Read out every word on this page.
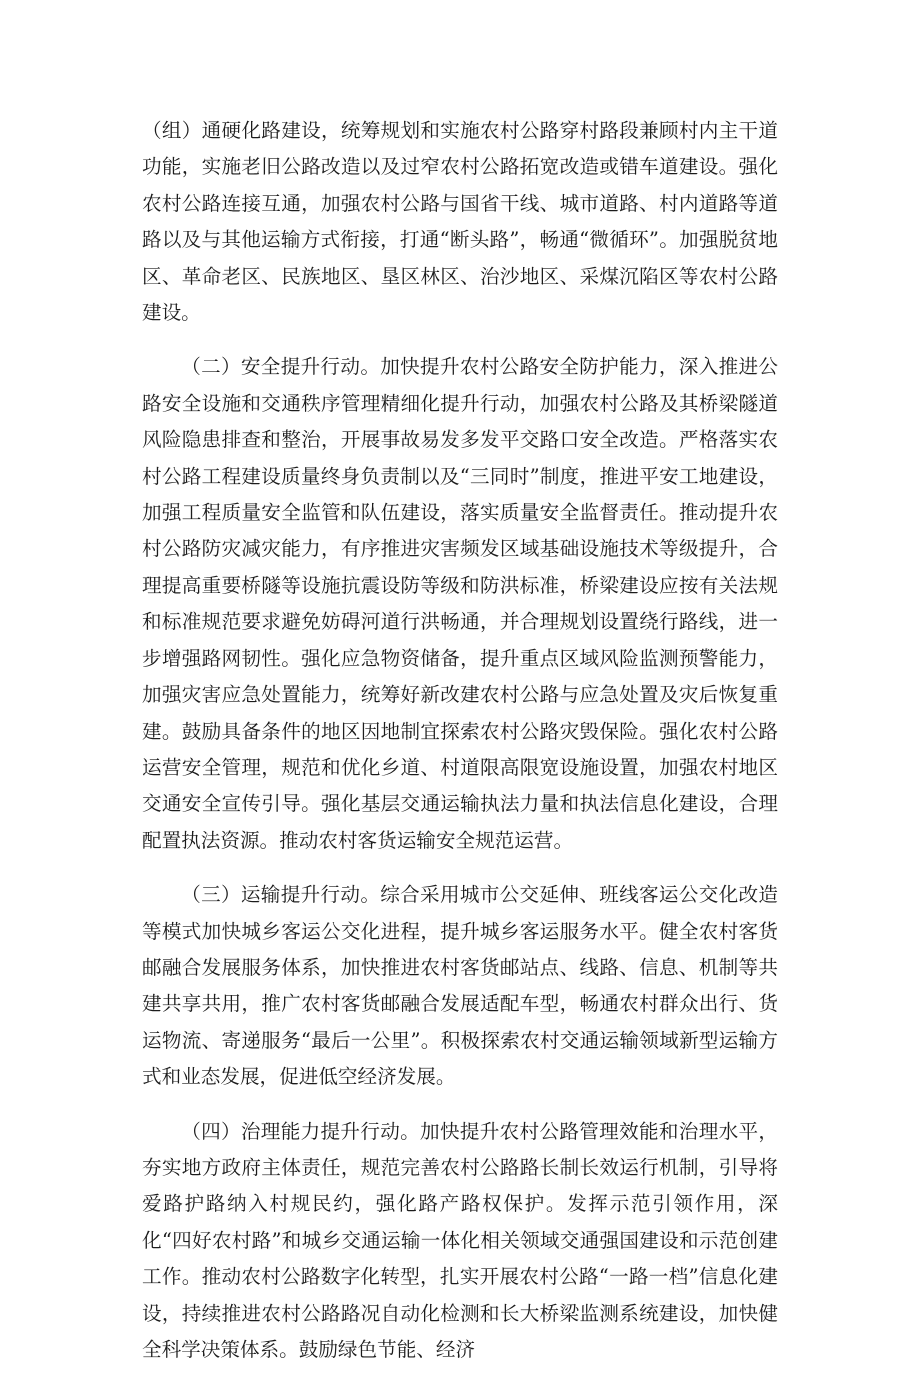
（组）通硬化路建设，统筹规划和实施农村公路穿村路段兼顾村内主干道功能，实施老旧公路改造以及过窄农村公路拓宽改造或错车道建设。强化农村公路连接互通，加强农村公路与国省干线、城市道路、村内道路等道路以及与其他运输方式衔接，打通“断头路”，畅通“微循环”。加强脱贫地区、革命老区、民族地区、垦区林区、治沙地区、采煤沉陷区等农村公路建设。

（二）安全提升行动。加快提升农村公路安全防护能力，深入推进公路安全设施和交通秩序管理精细化提升行动，加强农村公路及其桥梁隧道风险隐患排查和整治，开展事故易发多发平交路口安全改造。严格落实农村公路工程建设质量终身负责制以及“三同时”制度，推进平安工地建设，加强工程质量安全监管和队伍建设，落实质量安全监督责任。推动提升农村公路防灾减灾能力，有序推进灾害频发区域基础设施技术等级提升，合理提高重要桥隧等设施抗震设防等级和防洪标准，桥梁建设应按有关法规和标准规范要求避免妨碍河道行洪畅通，并合理规划设置绕行路线，进一步增强路网韧性。强化应急物资储备，提升重点区域风险监测预警能力，加强灾害应急处置能力，统筹好新改建农村公路与应急处置及灾后恢复重建。鼓励具备条件的地区因地制宜探索农村公路灾毁保险。强化农村公路运营安全管理，规范和优化乡道、村道限高限宽设施设置，加强农村地区交通安全宣传引导。强化基层交通运输执法力量和执法信息化建设，合理配置执法资源。推动农村客货运输安全规范运营。

（三）运输提升行动。综合采用城市公交延伸、班线客运公交化改造等模式加快城乡客运公交化进程，提升城乡客运服务水平。健全农村客货邮融合发展服务体系，加快推进农村客货邮站点、线路、信息、机制等共建共享共用，推广农村客货邮融合发展适配车型，畅通农村群众出行、货运物流、寄递服务“最后一公里”。积极探索农村交通运输领域新型运输方式和业态发展，促进低空经济发展。

（四）治理能力提升行动。加快提升农村公路管理效能和治理水平，夯实地方政府主体责任，规范完善农村公路路长制长效运行机制，引导将爱路护路纳入村规民约，强化路产路权保护。发挥示范引领作用，深化“四好农村路”和城乡交通运输一体化相关领域交通强国建设和示范创建工作。推动农村公路数字化转型，扎实开展农村公路“一路一档”信息化建设，持续推进农村公路路况自动化检测和长大桥梁监测系统建设，加快健全科学决策体系。鼓励绿色节能、经济
